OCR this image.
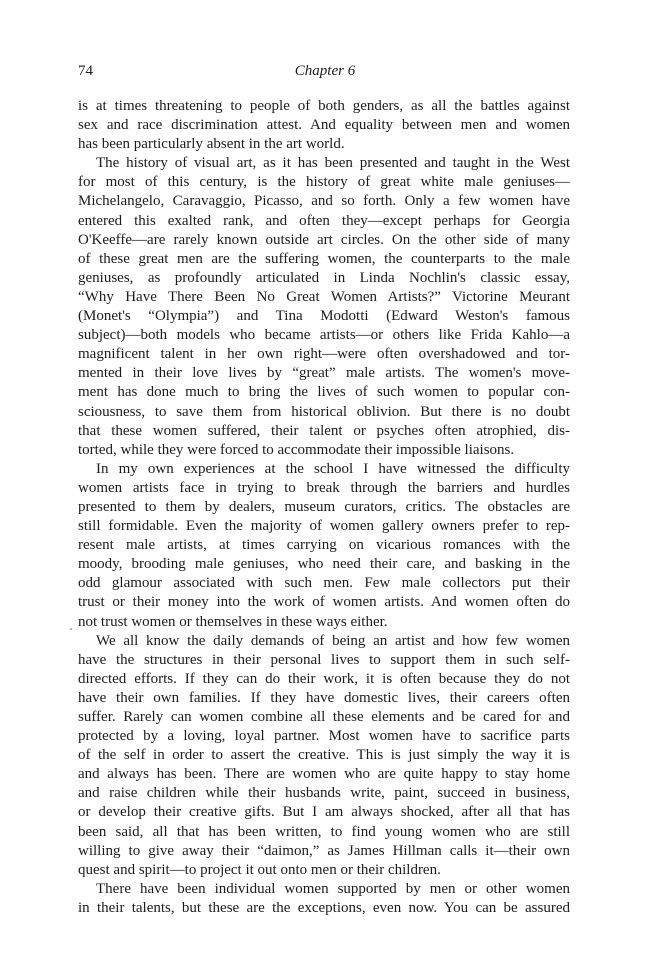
74	Chapter 6

is at times threatening to people of both genders, as all the battles against
sex and race discrimination attest. And equality between men and women
has been particularly absent in the art world.

The history of visual art, as it has been presented and taught in the West
for most of this century, is the history of great white male geniuses—
Michelangelo, Caravaggio, Picasso, and so forth. Only a few women have
entered this exalted rank, and often they—except perhaps for Georgia
O'Keeffe—are rarely known outside art circles. On the other side of many
of these great men are the suffering women, the counterparts to the male
geniuses, as profoundly articulated in Linda Nochlin's classic essay,
“Why Have There Been No Great Women Artists?” Victorine Meurant
(Monet's “Olympia”) and Tina Modotti (Edward Weston's famous
subject)—both models who became artists—or others like Frida Kahlo—a
magnificent talent in her own right—were often overshadowed and tor-
mented in their love lives by “great” male artists. The women's move-
ment has done much to bring the lives of such women to popular con-
sciousness, to save them from historical oblivion. But there is no doubt
that these women suffered, their talent or psyches often atrophied, dis-
torted, while they were forced to accommodate their impossible liaisons.

In my own experiences at the school I have witnessed the difficulty
women artists face in trying to break through the barriers and hurdles
presented to them by dealers, museum curators, critics. The obstacles are
still formidable. Even the majority of women gallery owners prefer to rep-
resent male artists, at times carrying on vicarious romances with the
moody, brooding male geniuses, who need their care, and basking in the
odd glamour associated with such men. Few male collectors put their
trust or their money into the work of women artists. And women often do
not trust women or themselves in these ways either.

We all know the daily demands of being an artist and how few women
have the structures in their personal lives to support them in such self-
directed efforts. If they can do their work, it is often because they do not
have their own families. If they have domestic lives, their careers often
suffer. Rarely can women combine all these elements and be cared for and
protected by a loving, loyal partner. Most women have to sacrifice parts
of the self in order to assert the creative. This is just simply the way it is
and always has been. There are women who are quite happy to stay home
and raise children while their husbands write, paint, succeed in business,
or develop their creative gifts. But I am always shocked, after all that has
been said, all that has been written, to find young women who are still
willing to give away their “daimon,” as James Hillman calls it—their own
quest and spirit—to project it out onto men or their children.

There have been individual women supported by men or other women
in their talents, but these are the exceptions, even now. You can be assured
